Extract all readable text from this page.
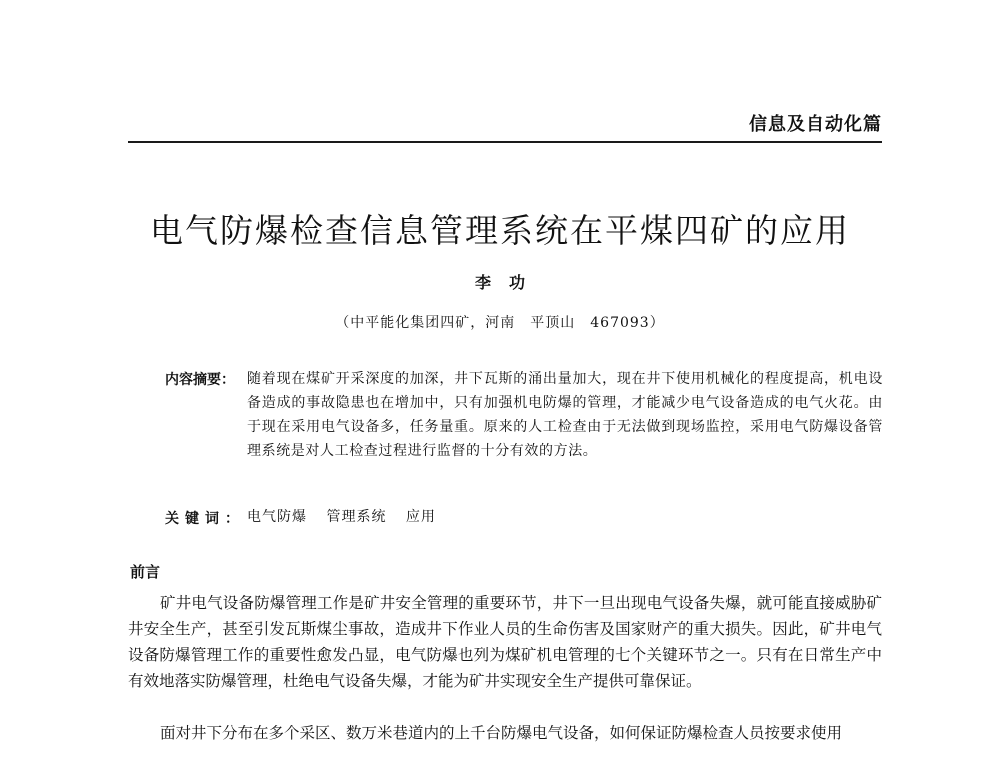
信息及自动化篇
电气防爆检查信息管理系统在平煤四矿的应用
李功
（中平能化集团四矿，河南　平顶山　467093）
内容摘要： 随着现在煤矿开采深度的加深，井下瓦斯的涌出量加大，现在井下使用机械化的程度提高，机电设备造成的事故隐患也在增加中，只有加强机电防爆的管理，才能减少电气设备造成的电气火花。由于现在采用电气设备多，任务量重。原来的人工检查由于无法做到现场监控，采用电气防爆设备管理系统是对人工检查过程进行监督的十分有效的方法。
关键词： 电气防爆 管理系统 应用
前言

矿井电气设备防爆管理工作是矿井安全管理的重要环节，井下一旦出现电气设备失爆，就可能直接威胁矿井安全生产，甚至引发瓦斯煤尘事故，造成井下作业人员的生命伤害及国家财产的重大损失。因此，矿井电气设备防爆管理工作的重要性愈发凸显，电气防爆也列为煤矿机电管理的七个关键环节之一。只有在日常生产中有效地落实防爆管理，杜绝电气设备失爆，才能为矿井实现安全生产提供可靠保证。

面对井下分布在多个采区、数万米巷道内的上千台防爆电气设备，如何保证防爆检查人员按要求使用
